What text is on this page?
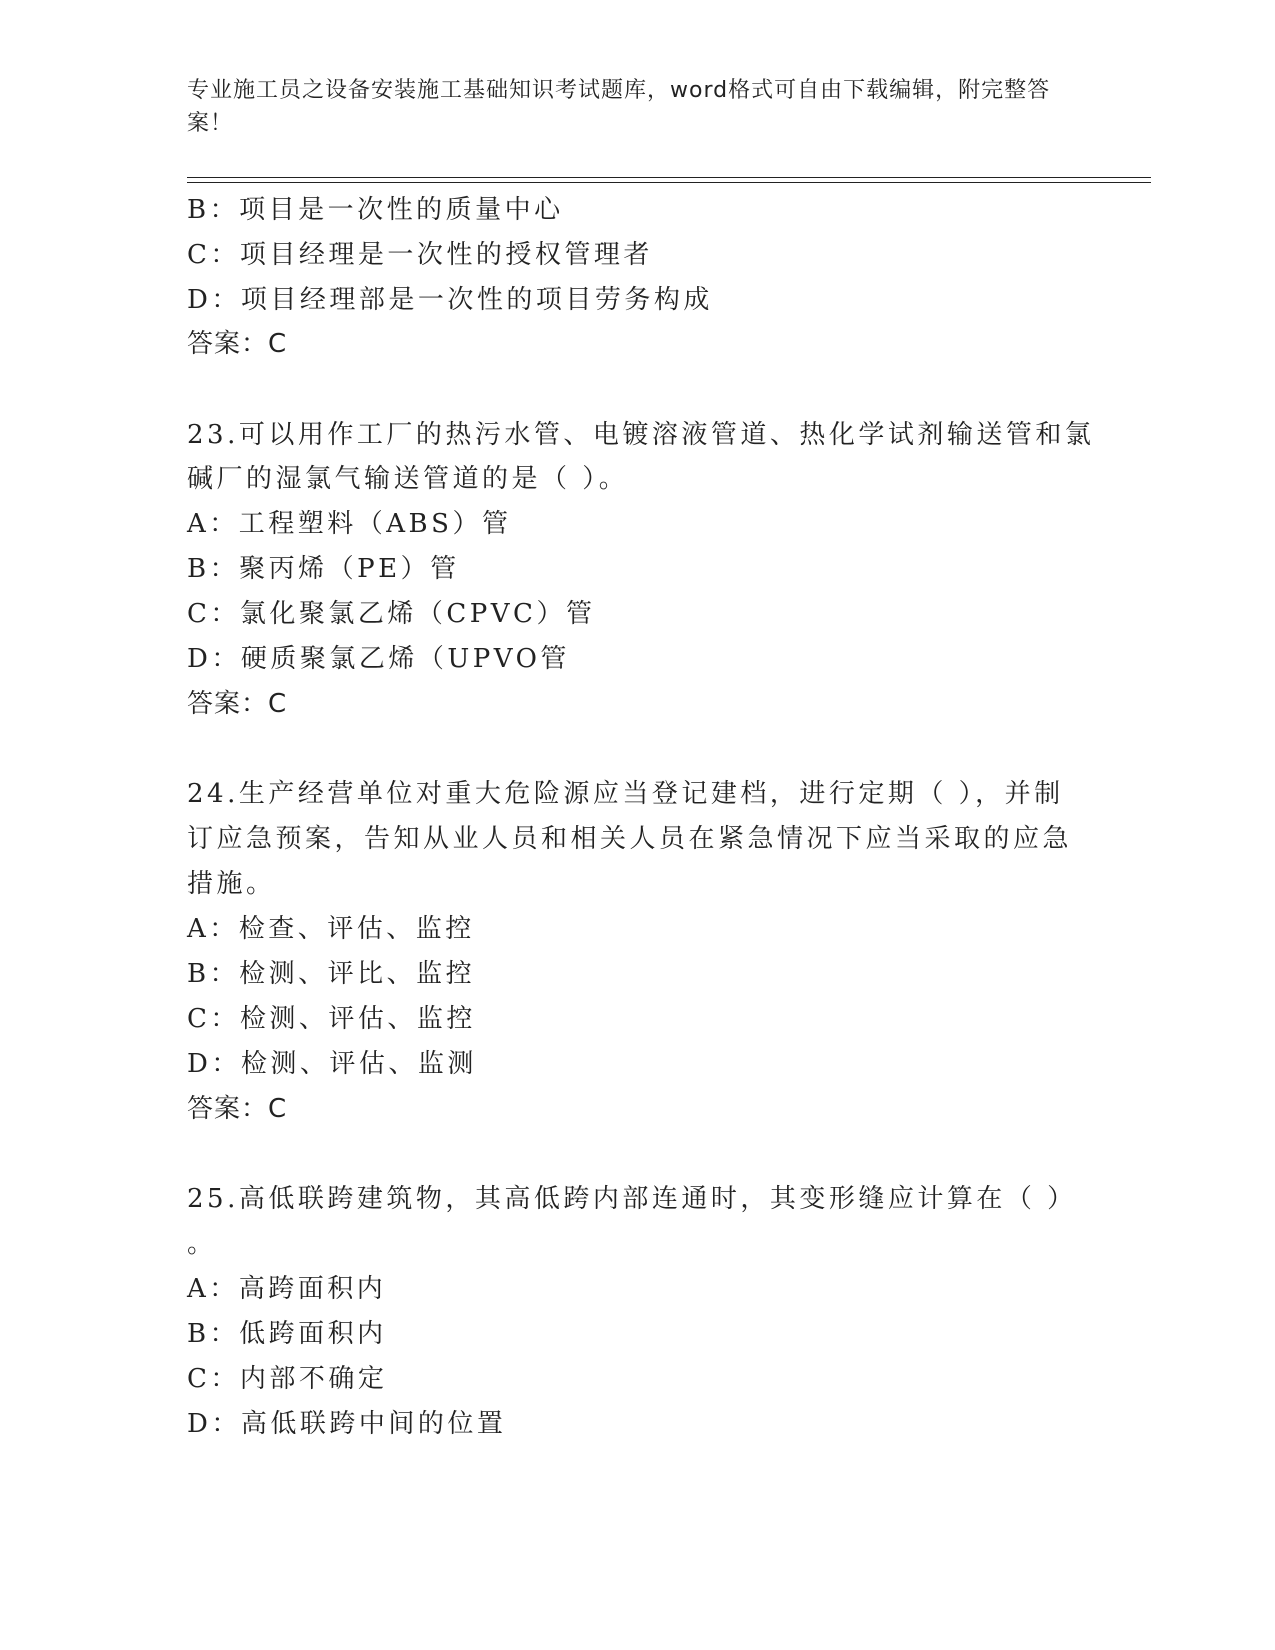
专业施工员之设备安装施工基础知识考试题库，word格式可自由下载编辑，附完整答案！
B：项目是一次性的质量中心
C：项目经理是一次性的授权管理者
D：项目经理部是一次性的项目劳务构成
答案：C
23.可以用作工厂的热污水管、电镀溶液管道、热化学试剂输送管和氯
碱厂的湿氯气输送管道的是（ ）。
A：工程塑料（ABS）管
B：聚丙烯（PE）管
C：氯化聚氯乙烯（CPVC）管
D：硬质聚氯乙烯（UPVO管
答案：C
24.生产经营单位对重大危险源应当登记建档，进行定期（ ），并制
订应急预案，告知从业人员和相关人员在紧急情况下应当采取的应急
措施。
A：检查、评估、监控
B：检测、评比、监控
C：检测、评估、监控
D：检测、评估、监测
答案：C
25.高低联跨建筑物，其高低跨内部连通时，其变形缝应计算在（ ）
。
A：高跨面积内
B：低跨面积内
C：内部不确定
D：高低联跨中间的位置
